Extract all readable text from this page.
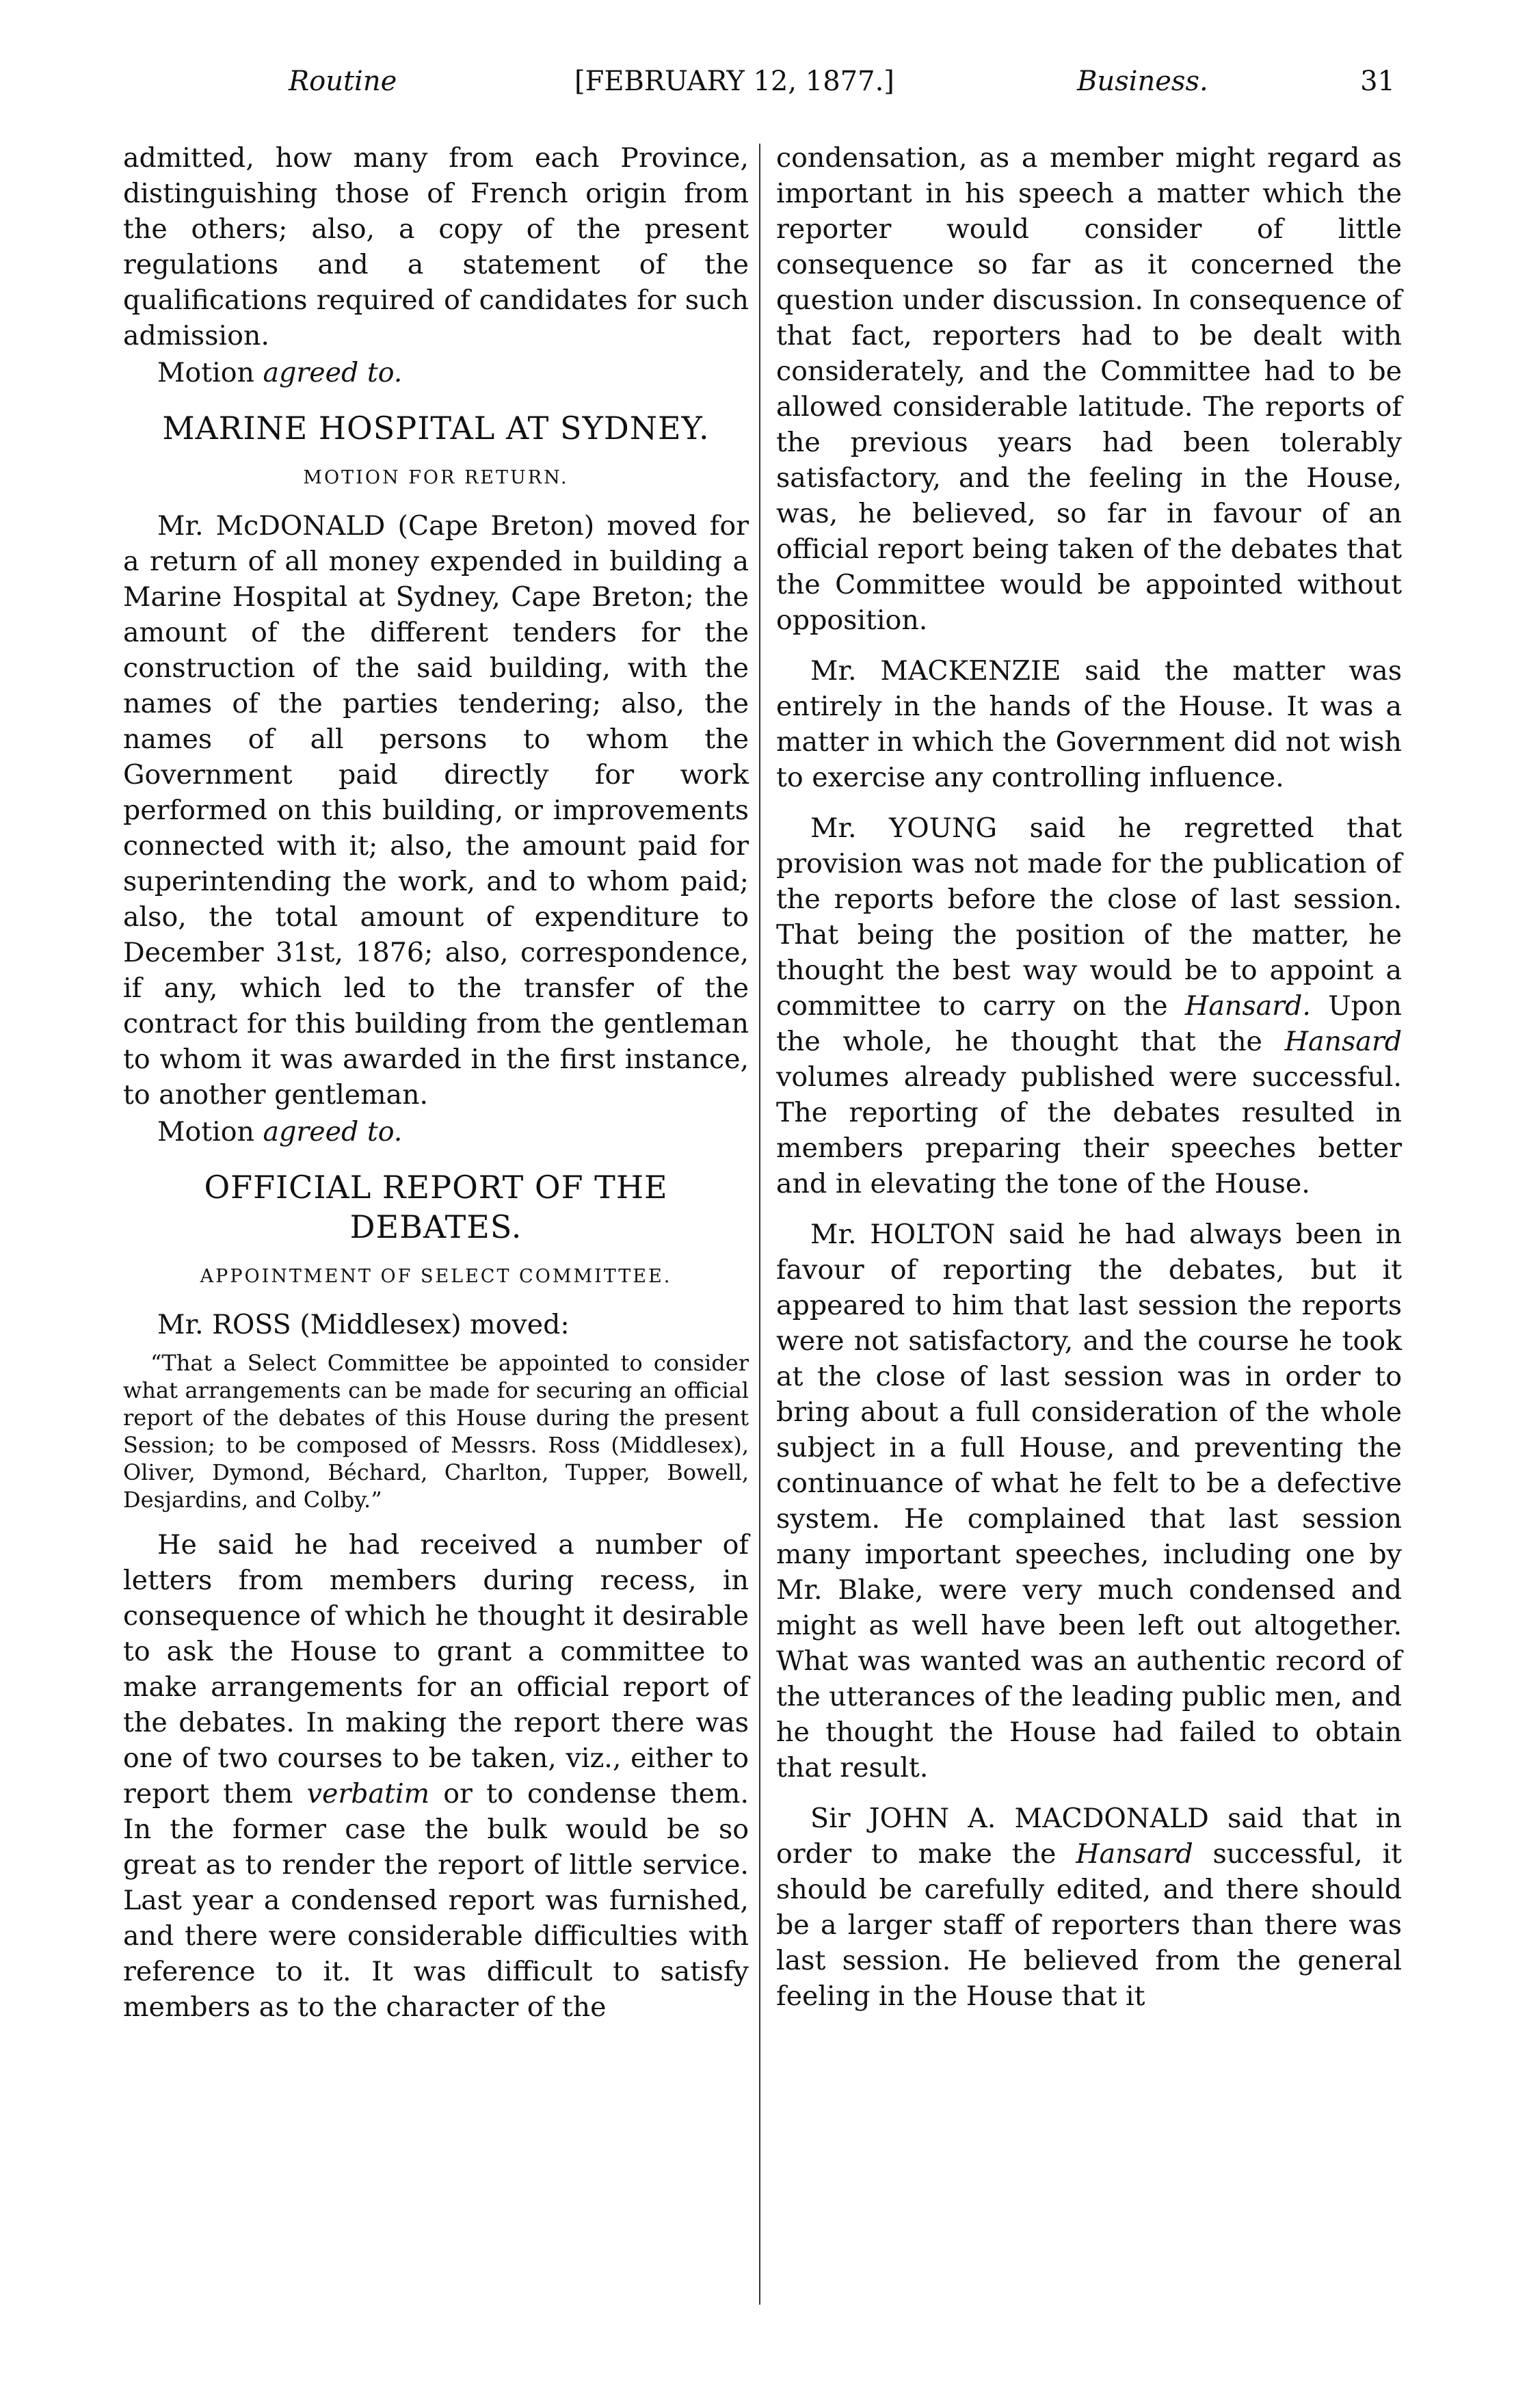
Routine	[FEBRUARY 12, 1877.]	Business.	31

admitted, how many from each Province, distinguishing those of French origin from the others; also, a copy of the present regulations and a statement of the qualifications required of candidates for such admission.

Motion agreed to.

MARINE HOSPITAL AT SYDNEY.
MOTION FOR RETURN.

Mr. McDONALD (Cape Breton) moved for a return of all money expended in building a Marine Hospital at Sydney, Cape Breton; the amount of the different tenders for the construction of the said building, with the names of the parties tendering; also, the names of all persons to whom the Government paid directly for work performed on this building, or improvements connected with it; also, the amount paid for superintending the work, and to whom paid; also, the total amount of expenditure to December 31st, 1876; also, correspondence, if any, which led to the transfer of the contract for this building from the gentleman to whom it was awarded in the first instance, to another gentleman.

Motion agreed to.

OFFICIAL REPORT OF THE DEBATES.
APPOINTMENT OF SELECT COMMITTEE.

Mr. ROSS (Middlesex) moved:

“That a Select Committee be appointed to consider what arrangements can be made for securing an official report of the debates of this House during the present Session; to be composed of Messrs. Ross (Middlesex), Oliver, Dymond, Béchard, Charlton, Tupper, Bowell, Desjardins, and Colby.”

He said he had received a number of letters from members during recess, in consequence of which he thought it desirable to ask the House to grant a committee to make arrangements for an official report of the debates. In making the report there was one of two courses to be taken, viz., either to report them verbatim or to condense them. In the former case the bulk would be so great as to render the report of little service. Last year a condensed report was furnished, and there were considerable difficulties with reference to it. It was difficult to satisfy members as to the character of the

condensation, as a member might regard as important in his speech a matter which the reporter would consider of little consequence so far as it concerned the question under discussion. In consequence of that fact, reporters had to be dealt with considerately, and the Committee had to be allowed considerable latitude. The reports of the previous years had been tolerably satisfactory, and the feeling in the House, was, he believed, so far in favour of an official report being taken of the debates that the Committee would be appointed without opposition.

Mr. MACKENZIE said the matter was entirely in the hands of the House. It was a matter in which the Government did not wish to exercise any controlling influence.

Mr. YOUNG said he regretted that provision was not made for the publication of the reports before the close of last session. That being the position of the matter, he thought the best way would be to appoint a committee to carry on the Hansard. Upon the whole, he thought that the Hansard volumes already published were successful. The reporting of the debates resulted in members preparing their speeches better and in elevating the tone of the House.

Mr. HOLTON said he had always been in favour of reporting the debates, but it appeared to him that last session the reports were not satisfactory, and the course he took at the close of last session was in order to bring about a full consideration of the whole subject in a full House, and preventing the continuance of what he felt to be a defective system. He complained that last session many important speeches, including one by Mr. Blake, were very much condensed and might as well have been left out altogether. What was wanted was an authentic record of the utterances of the leading public men, and he thought the House had failed to obtain that result.

Sir JOHN A. MACDONALD said that in order to make the Hansard successful, it should be carefully edited, and there should be a larger staff of reporters than there was last session. He believed from the general feeling in the House that it
